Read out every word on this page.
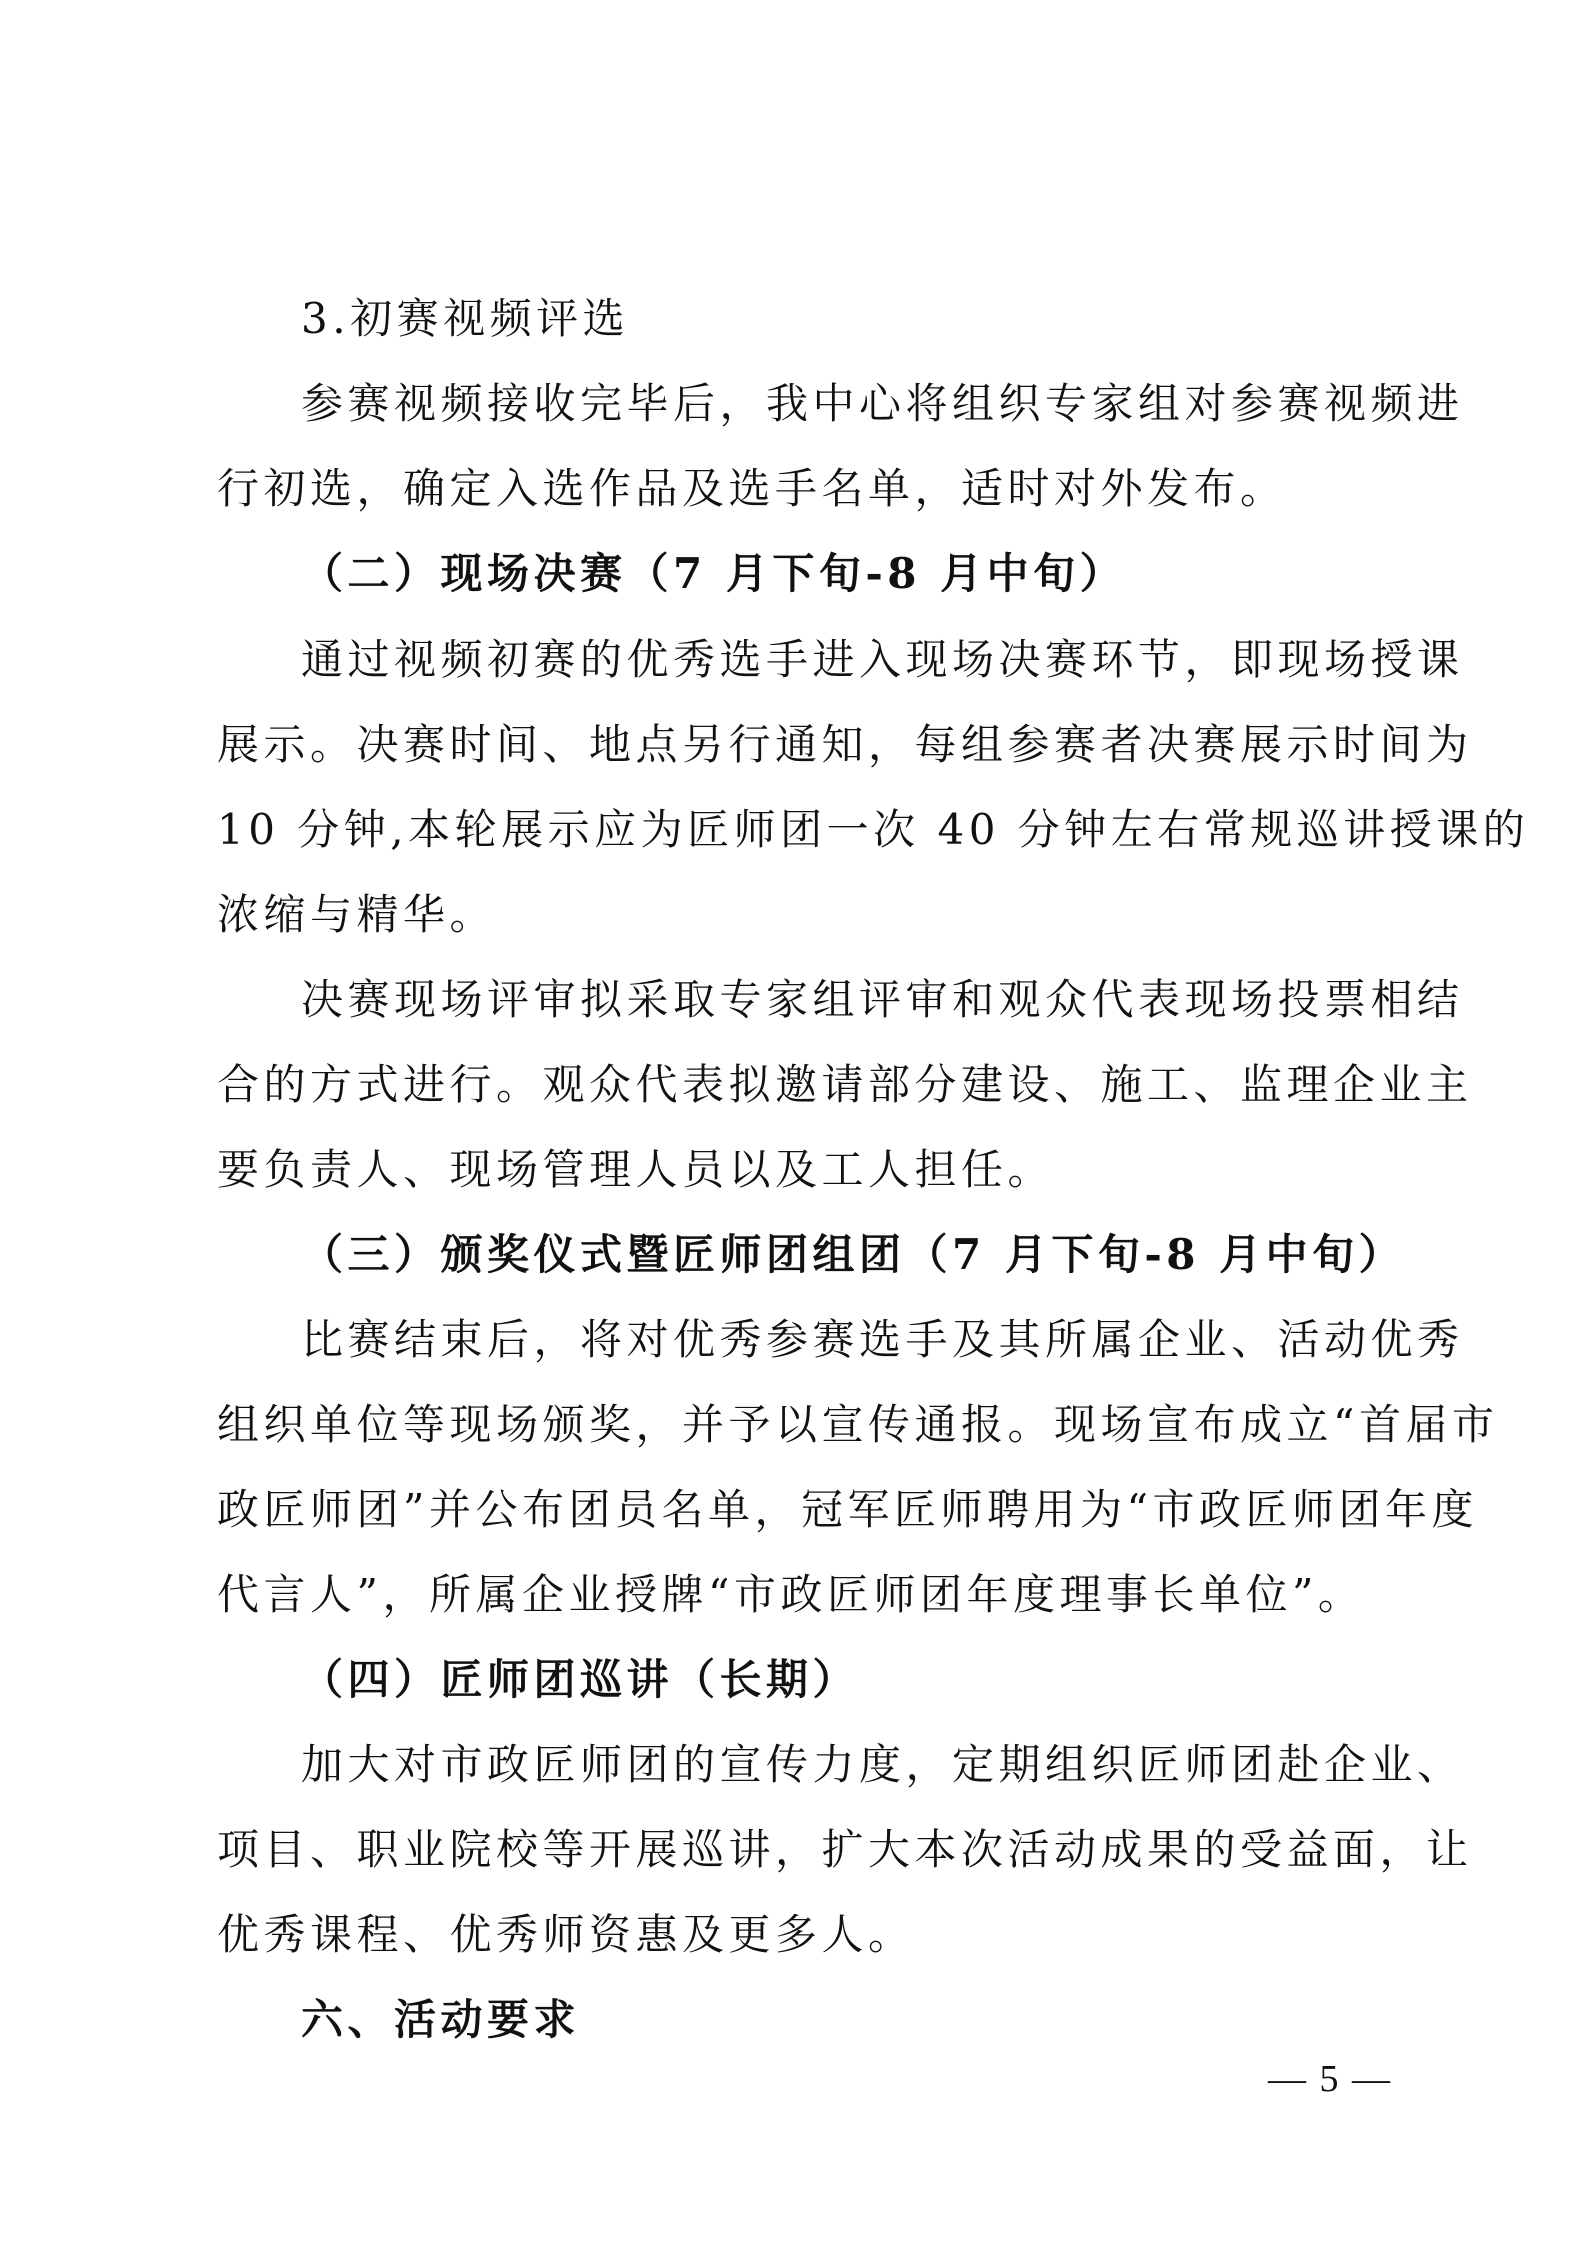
3.初赛视频评选
参赛视频接收完毕后，我中心将组织专家组对参赛视频进
行初选，确定入选作品及选手名单，适时对外发布。
（二）现场决赛（7 月下旬-8 月中旬）
通过视频初赛的优秀选手进入现场决赛环节，即现场授课
展示。决赛时间、地点另行通知，每组参赛者决赛展示时间为
10 分钟,本轮展示应为匠师团一次 40 分钟左右常规巡讲授课的
浓缩与精华。
决赛现场评审拟采取专家组评审和观众代表现场投票相结
合的方式进行。观众代表拟邀请部分建设、施工、监理企业主
要负责人、现场管理人员以及工人担任。
（三）颁奖仪式暨匠师团组团（7 月下旬-8 月中旬）
比赛结束后，将对优秀参赛选手及其所属企业、活动优秀
组织单位等现场颁奖，并予以宣传通报。现场宣布成立“首届市
政匠师团”并公布团员名单，冠军匠师聘用为“市政匠师团年度
代言人”，所属企业授牌“市政匠师团年度理事长单位”。
（四）匠师团巡讲（长期）
加大对市政匠师团的宣传力度，定期组织匠师团赴企业、
项目、职业院校等开展巡讲，扩大本次活动成果的受益面，让
优秀课程、优秀师资惠及更多人。
六、活动要求
— 5 —
